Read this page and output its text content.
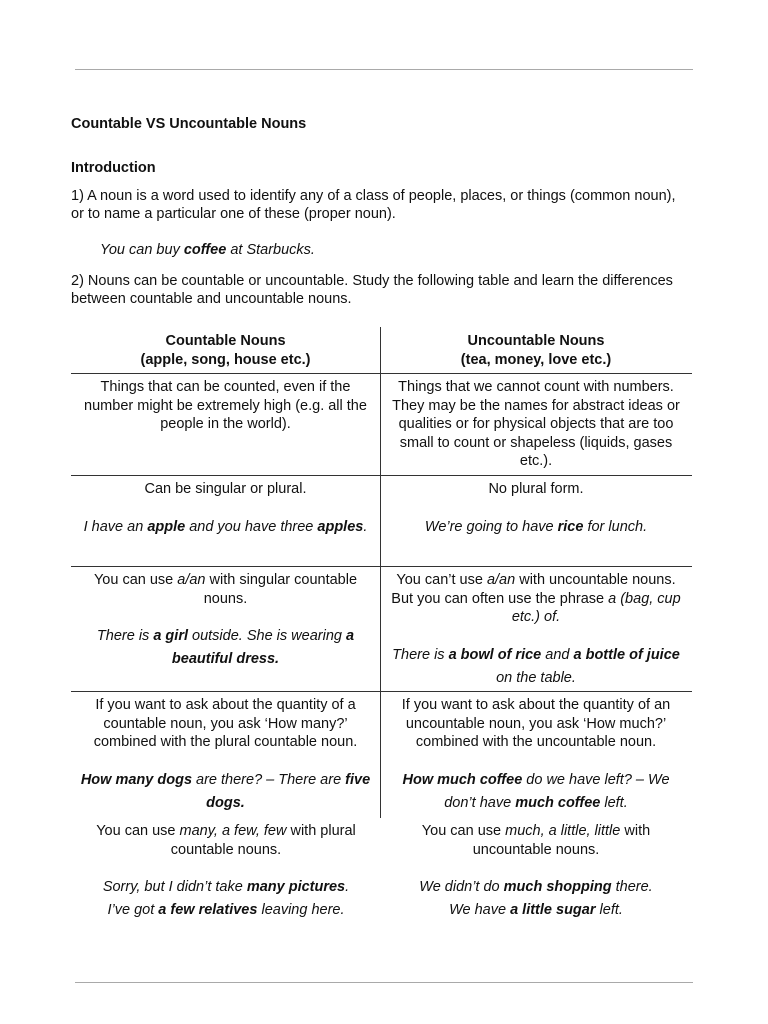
Countable VS Uncountable Nouns
Introduction

1) A noun is a word used to identify any of a class of people, places, or things (common noun), or to name a particular one of these (proper noun).

You can buy coffee at Starbucks.

2) Nouns can be countable or uncountable. Study the following table and learn the differences between countable and uncountable nouns.

Countable Nouns
(apple, song, house etc.)
Uncountable Nouns
(tea, money, love etc.)
Things that can be counted, even if the number might be extremely high (e.g. all the people in the world).
Things that we cannot count with numbers. They may be the names for abstract ideas or qualities or for physical objects that are too small to count or shapeless (liquids, gases etc.).
Can be singular or plural.
I have an apple and you have three apples.
No plural form.
We’re going to have rice for lunch.
You can use a/an with singular countable nouns.
There is a girl outside. She is wearing a beautiful dress.
You can’t use a/an with uncountable nouns. But you can often use the phrase a (bag, cup etc.) of.
There is a bowl of rice and a bottle of juice on the table.
If you want to ask about the quantity of a countable noun, you ask ‘How many?’ combined with the plural countable noun.
How many dogs are there? – There are five dogs.
If you want to ask about the quantity of an uncountable noun, you ask ‘How much?’ combined with the uncountable noun.
How much coffee do we have left? – We don’t have much coffee left.
You can use many, a few, few with plural countable nouns.
Sorry, but I didn’t take many pictures.
I’ve got a few relatives leaving here.
You can use much, a little, little with uncountable nouns.
We didn’t do much shopping there.
We have a little sugar left.
